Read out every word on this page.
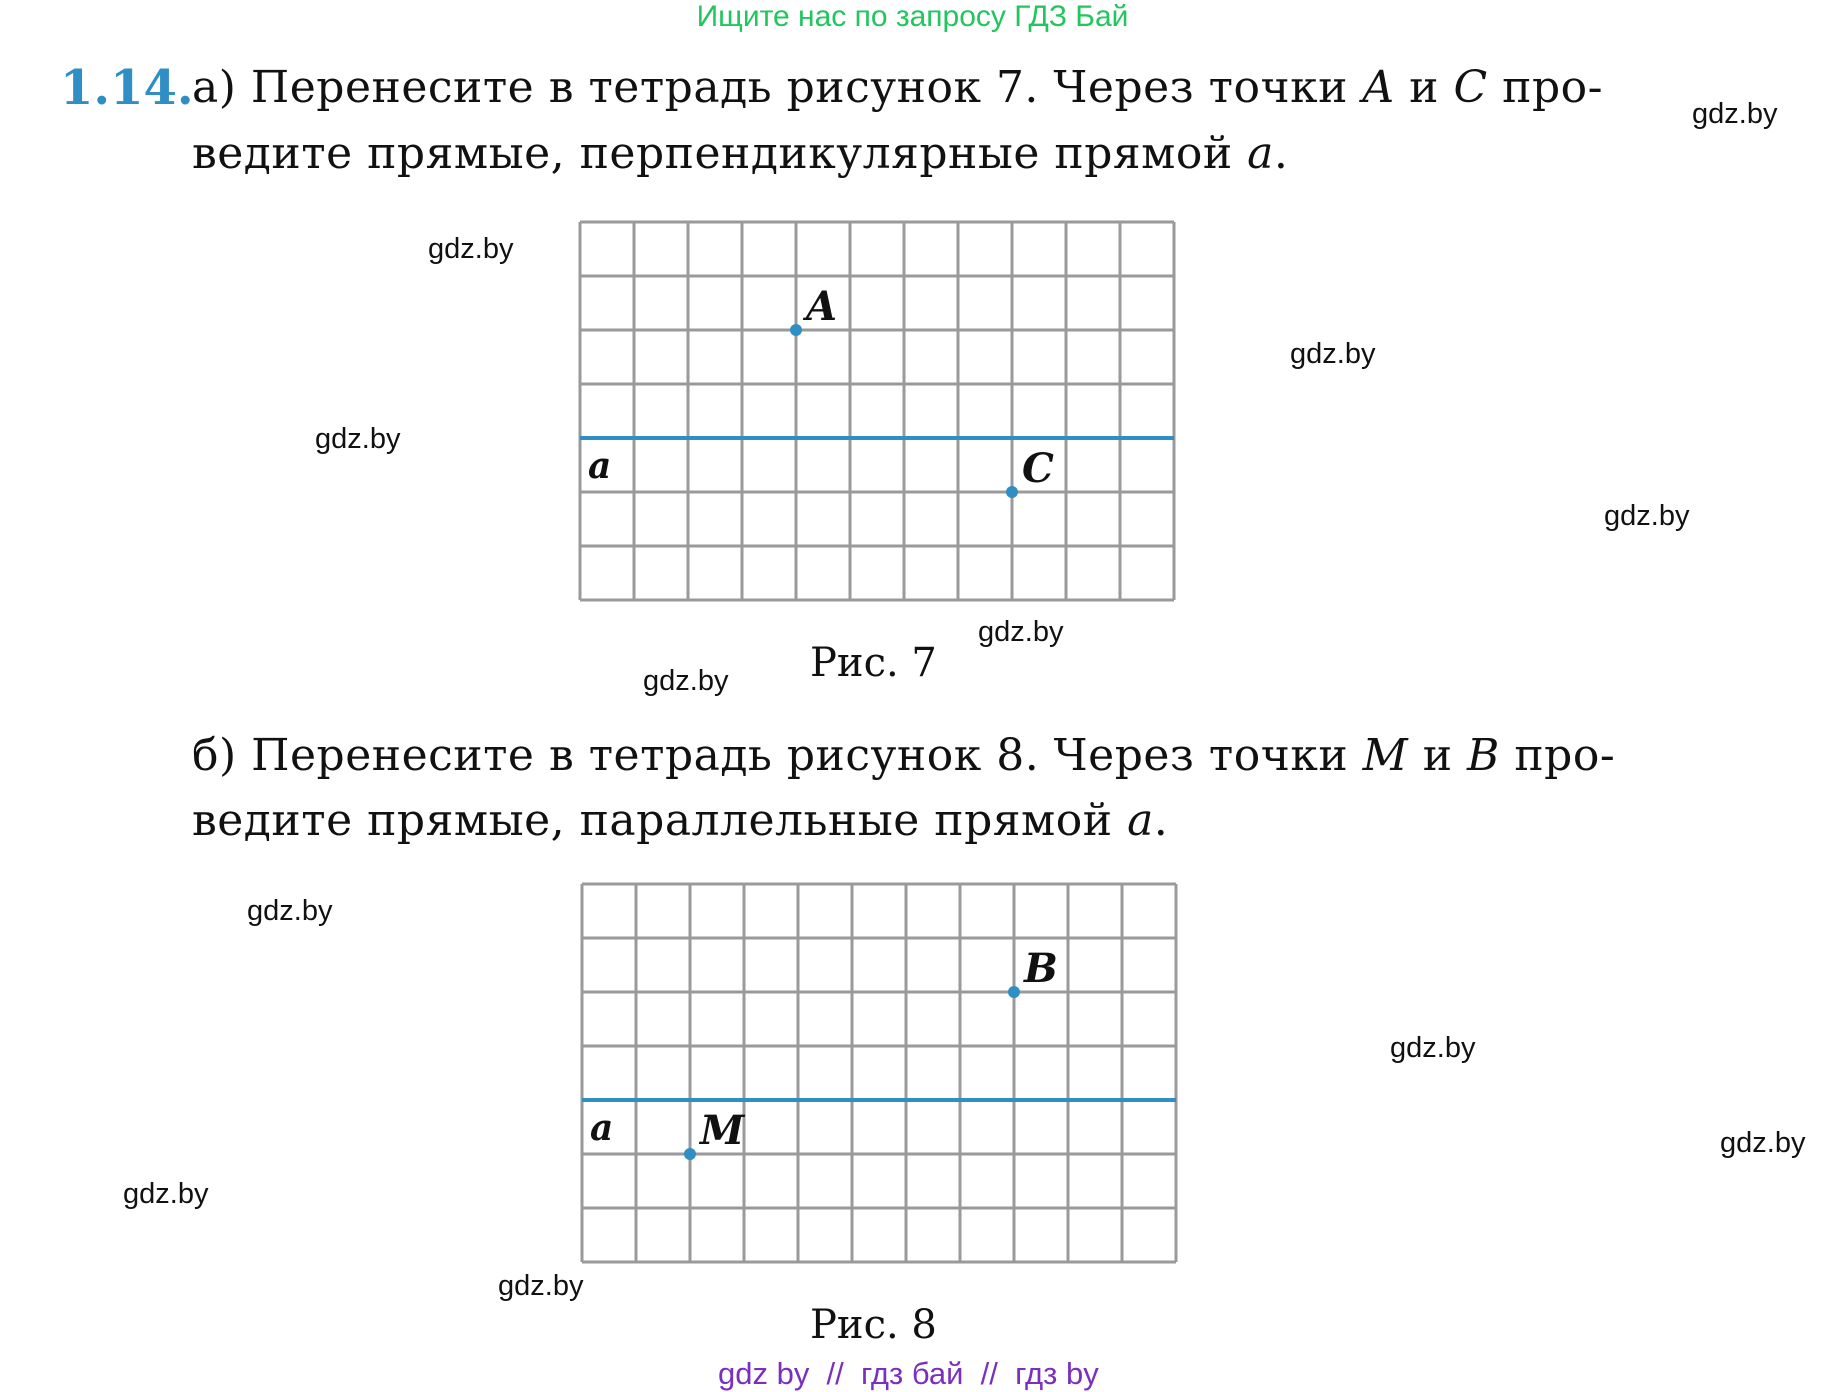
Ищите нас по запросу ГДЗ Бай
1.14.
а) Перенесите в тетрадь рисунок 7. Через точки A и C про-
ведите прямые, перпендикулярные прямой a.
a
A
C
Рис. 7
б) Перенесите в тетрадь рисунок 8. Через точки M и B про-
ведите прямые, параллельные прямой a.
a
B
M
Рис. 8
gdz.by
gdz.by
gdz.by
gdz.by
gdz.by
gdz.by
gdz.by
gdz.by
gdz.by
gdz.by
gdz.by
gdz.by
gdz by  //  гдз бай  //  гдз by
